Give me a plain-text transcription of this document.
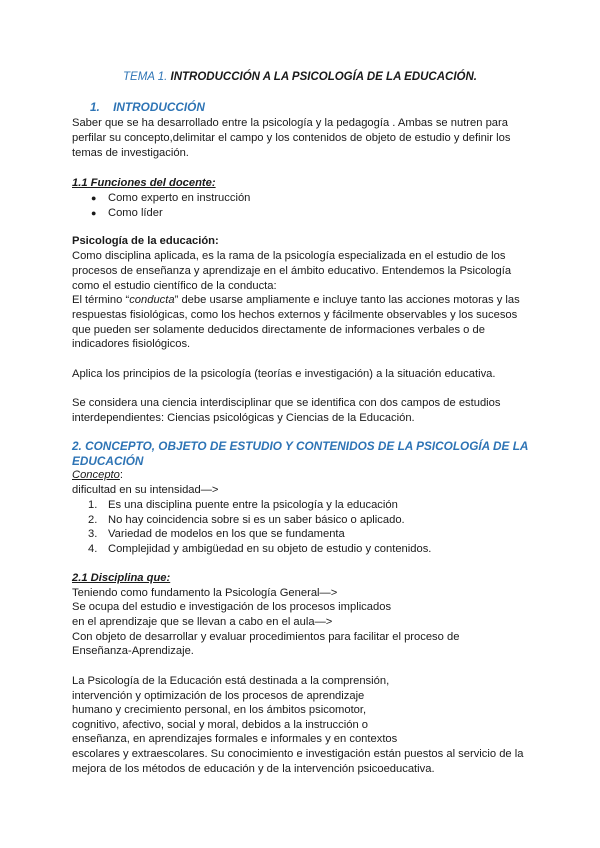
TEMA 1. INTRODUCCIÓN A LA PSICOLOGÍA DE LA EDUCACIÓN.
1. INTRODUCCIÓN
Saber que se ha desarrollado entre la psicología y la pedagogía . Ambas se nutren para
perfilar su concepto,delimitar el campo y los contenidos de objeto de estudio y definir los
temas de investigación.
1.1 Funciones del docente:
● Como experto en instrucción
● Como líder
Psicología de la educación:
Como disciplina aplicada, es la rama de la psicología especializada en el estudio de los
procesos de enseñanza y aprendizaje en el ámbito educativo. Entendemos la Psicología
como el estudio científico de la conducta:
El término “conducta” debe usarse ampliamente e incluye tanto las acciones motoras y las
respuestas fisiológicas, como los hechos externos y fácilmente observables y los sucesos
que pueden ser solamente deducidos directamente de informaciones verbales o de
indicadores fisiológicos.
Aplica los principios de la psicología (teorías e investigación) a la situación educativa.
Se considera una ciencia interdisciplinar que se identifica con dos campos de estudios
interdependientes: Ciencias psicológicas y Ciencias de la Educación.
2. CONCEPTO, OBJETO DE ESTUDIO Y CONTENIDOS DE LA PSICOLOGÍA DE LA
EDUCACIÓN
Concepto:
dificultad en su intensidad—>
1. Es una disciplina puente entre la psicología y la educación
2. No hay coincidencia sobre si es un saber básico o aplicado.
3. Variedad de modelos en los que se fundamenta
4. Complejidad y ambigüedad en su objeto de estudio y contenidos.
2.1 Disciplina que:
Teniendo como fundamento la Psicología General—>
Se ocupa del estudio e investigación de los procesos implicados
en el aprendizaje que se llevan a cabo en el aula—>
Con objeto de desarrollar y evaluar procedimientos para facilitar el proceso de
Enseñanza-Aprendizaje.
La Psicología de la Educación está destinada a la comprensión,
intervención y optimización de los procesos de aprendizaje
humano y crecimiento personal, en los ámbitos psicomotor,
cognitivo, afectivo, social y moral, debidos a la instrucción o
enseñanza, en aprendizajes formales e informales y en contextos
escolares y extraescolares. Su conocimiento e investigación están puestos al servicio de la
mejora de los métodos de educación y de la intervención psicoeducativa.
